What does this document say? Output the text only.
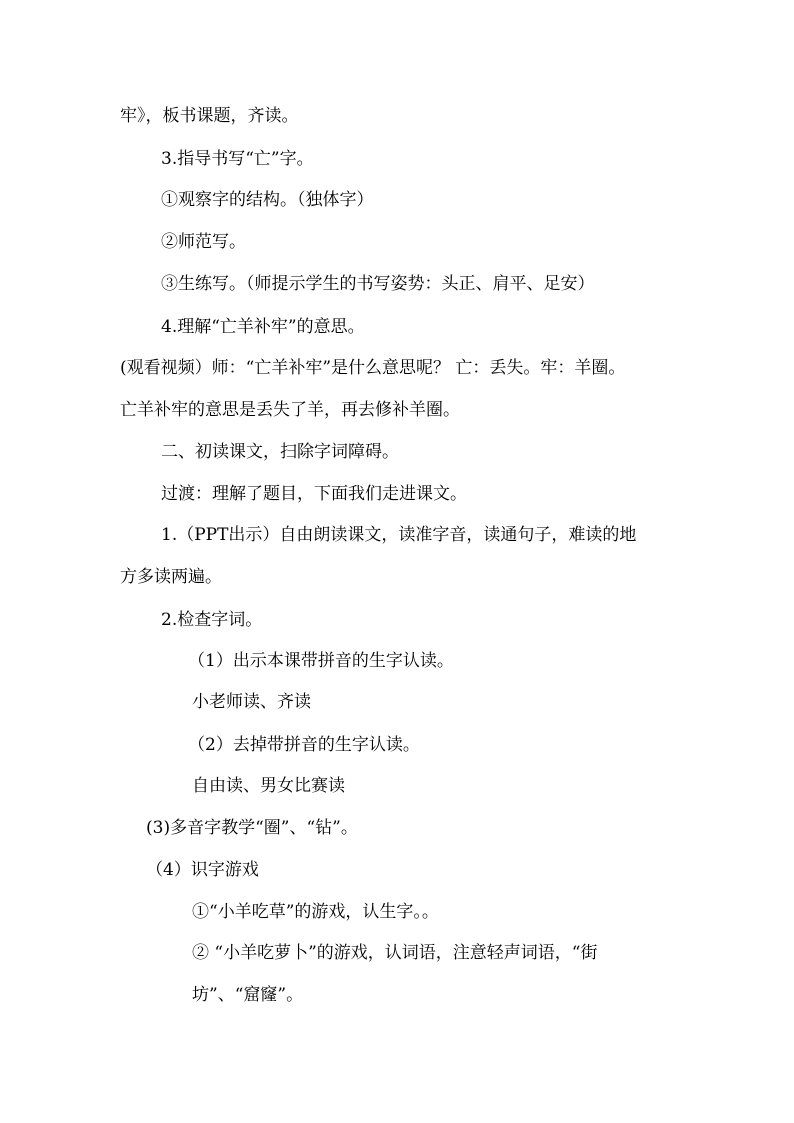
牢》，板书课题，齐读。
3.指导书写“亡”字。
①观察字的结构。（独体字）
②师范写。
③生练写。（师提示学生的书写姿势：头正、肩平、足安）
4.理解“亡羊补牢”的意思。
(观看视频）师：“亡羊补牢”是什么意思呢？ 亡：丢失。牢：羊圈。
亡羊补牢的意思是丢失了羊，再去修补羊圈。
二、初读课文，扫除字词障碍。
过渡：理解了题目，下面我们走进课文。
1.（PPT出示）自由朗读课文，读准字音，读通句子，难读的地
方多读两遍。
2.检查字词。
（1）出示本课带拼音的生字认读。
小老师读、齐读
（2）去掉带拼音的生字认读。
自由读、男女比赛读
(3)多音字教学“圈”、“钻”。
（4）识字游戏
①“小羊吃草”的游戏，认生字。。
② “小羊吃萝卜”的游戏，认词语，注意轻声词语，“街
坊”、“窟窿”。
